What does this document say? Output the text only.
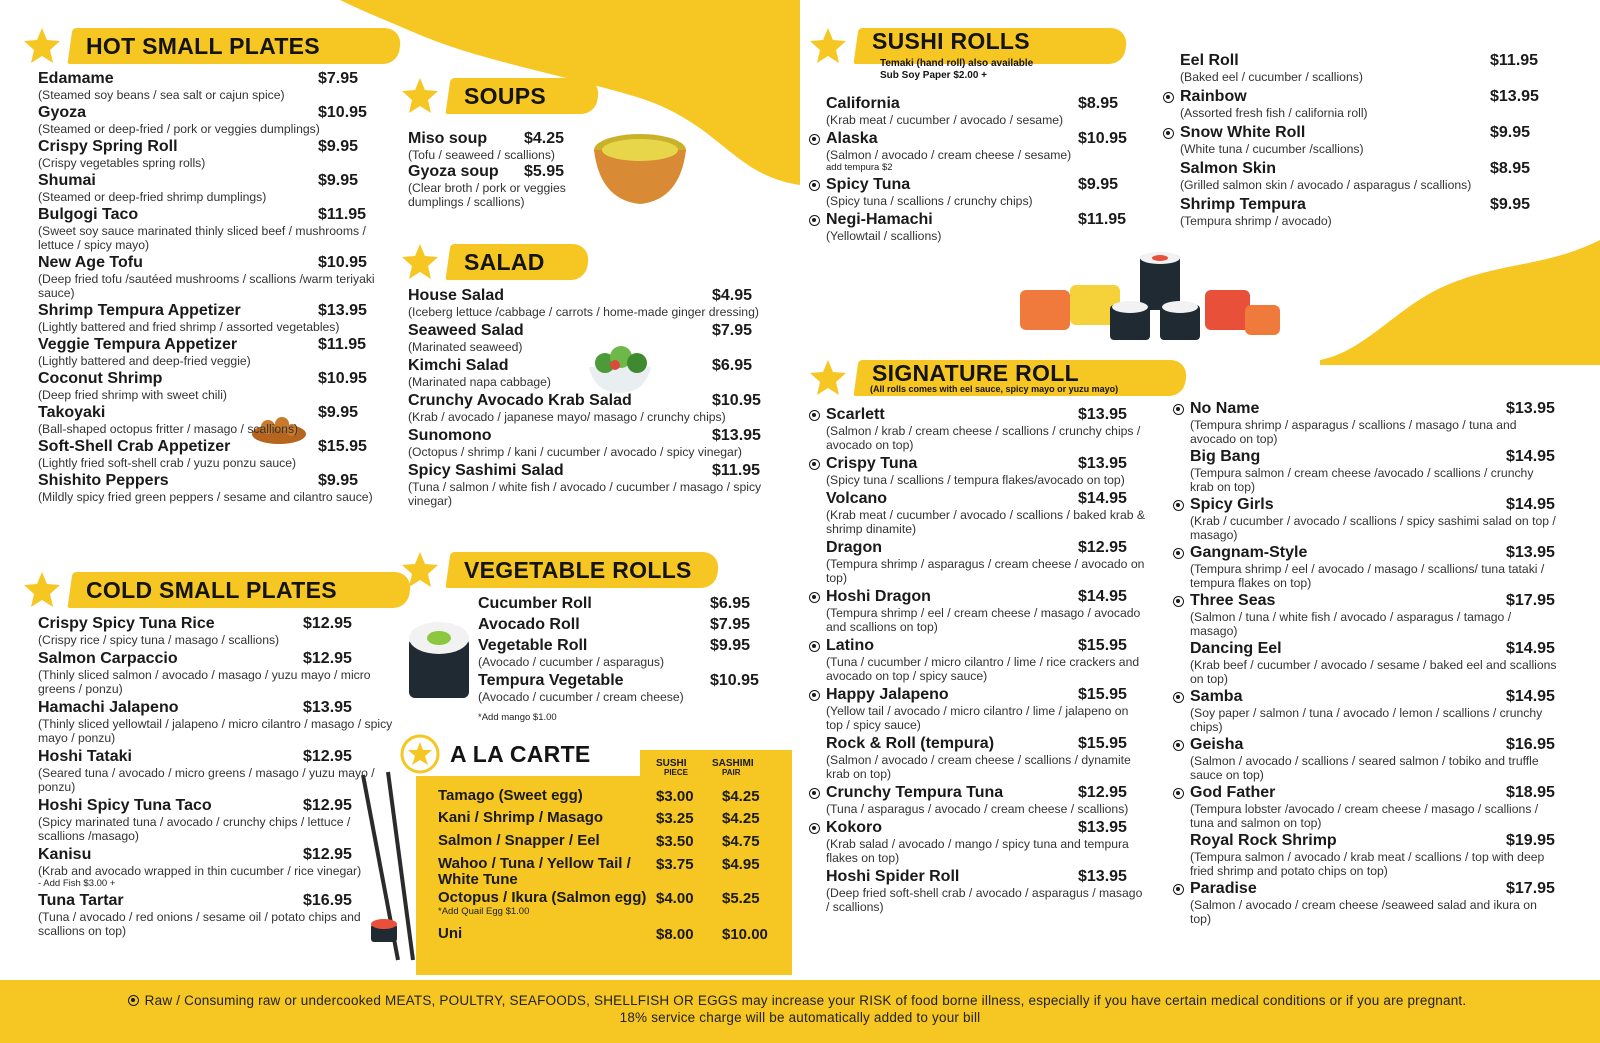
HOT SMALL PLATES
Edamame	$7.95
(Steamed soy beans / sea salt or cajun spice)
Gyoza	$10.95
(Steamed or deep-fried / pork or veggies dumplings)
Crispy Spring Roll	$9.95
(Crispy vegetables spring rolls)
Shumai	$9.95
(Steamed or deep-fried shrimp dumplings)
Bulgogi Taco	$11.95
(Sweet soy sauce marinated thinly sliced beef / mushrooms / lettuce / spicy mayo)
New Age Tofu	$10.95
(Deep fried tofu /sautéed mushrooms / scallions /warm teriyaki sauce)
Shrimp Tempura Appetizer	$13.95
(Lightly battered and fried shrimp / assorted vegetables)
Veggie Tempura Appetizer	$11.95
(Lightly battered and deep-fried veggie)
Coconut Shrimp	$10.95
(Deep fried shrimp with sweet chili)
Takoyaki	$9.95
(Ball-shaped octopus fritter / masago / scallions)
Soft-Shell Crab Appetizer	$15.95
(Lightly fried soft-shell crab / yuzu ponzu sauce)
Shishito Peppers	$9.95
(Mildly spicy fried green peppers / sesame and cilantro sauce)
COLD SMALL PLATES
Crispy Spicy Tuna Rice	$12.95
(Crispy rice / spicy tuna / masago / scallions)
Salmon Carpaccio	$12.95
(Thinly sliced salmon / avocado / masago / yuzu mayo / micro greens / ponzu)
Hamachi Jalapeno	$13.95
(Thinly sliced yellowtail / jalapeno / micro cilantro / masago / spicy mayo / ponzu)
Hoshi Tataki	$12.95
(Seared tuna / avocado / micro greens / masago / yuzu mayo / ponzu)
Hoshi Spicy Tuna Taco	$12.95
(Spicy marinated tuna / avocado / crunchy chips / lettuce / scallions /masago)
Kanisu	$12.95
(Krab and avocado wrapped in thin cucumber / rice vinegar)
- Add Fish $3.00 +
Tuna Tartar	$16.95
(Tuna / avocado / red onions / sesame oil / potato chips and scallions on top)
SOUPS
Miso soup $4.25
(Tofu / seaweed / scallions)
Gyoza soup $5.95
(Clear broth / pork or veggies dumplings / scallions)
SALAD
House Salad	$4.95
(Iceberg lettuce /cabbage / carrots / home-made ginger dressing)
Seaweed Salad	$7.95
(Marinated seaweed)
Kimchi Salad	$6.95
(Marinated napa cabbage)
Crunchy Avocado Krab Salad	$10.95
(Krab / avocado / japanese mayo/ masago / crunchy chips)
Sunomono	$13.95
(Octopus / shrimp / kani / cucumber / avocado / spicy vinegar)
Spicy Sashimi Salad	$11.95
(Tuna / salmon / white fish / avocado / cucumber / masago / spicy vinegar)
VEGETABLE ROLLS
Cucumber Roll	$6.95
Avocado Roll	$7.95
Vegetable Roll	$9.95
(Avocado / cucumber / asparagus)
Tempura Vegetable	$10.95
(Avocado / cucumber / cream cheese)
*Add mango $1.00
A LA CARTE	SUSHI
PIECE
SASHIMI
PAIR
Tamago (Sweet egg)	$3.00 $4.25
Kani / Shrimp / Masago	$3.25 $4.25
Salmon / Snapper / Eel	$3.50 $4.75
Wahoo / Tuna / Yellow Tail / White Tune
$3.75 $4.95
Octopus / Ikura (Salmon egg) $4.00 $5.25
*Add Quail Egg $1.00
Uni	$8.00 $10.00
SUSHI ROLLS
Temaki (hand roll) also available
Sub Soy Paper $2.00 +
California	$8.95
(Krab meat / cucumber / avocado / sesame)
Alaska	$10.95
(Salmon / avocado / cream cheese / sesame)
add tempura $2
Spicy Tuna	$9.95
(Spicy tuna / scallions / crunchy chips)
Negi-Hamachi	$11.95
(Yellowtail / scallions)
Eel Roll	$11.95
(Baked eel / cucumber / scallions)
Rainbow	$13.95
(Assorted fresh fish / california roll)
Snow White Roll	$9.95
(White tuna / cucumber /scallions)
Salmon Skin	$8.95
(Grilled salmon skin / avocado / asparagus / scallions)
Shrimp Tempura	$9.95
(Tempura shrimp / avocado)
SIGNATURE ROLL
(All rolls comes with eel sauce, spicy mayo or yuzu mayo)
Scarlett	$13.95
(Salmon / krab / cream cheese / scallions / crunchy chips / avocado on top)
Crispy Tuna	$13.95
(Spicy tuna / scallions / tempura flakes/avocado on top)
Volcano	$14.95
(Krab meat / cucumber / avocado / scallions / baked krab & shrimp dinamite)
Dragon	$12.95
(Tempura shrimp / asparagus / cream cheese / avocado on top)
Hoshi Dragon	$14.95
(Tempura shrimp / eel / cream cheese / masago / avocado and scallions on top)
Latino	$15.95
(Tuna / cucumber / micro cilantro / lime / rice crackers and avocado on top / spicy sauce)
Happy Jalapeno	$15.95
(Yellow tail / avocado / micro cilantro / lime / jalapeno on top / spicy sauce)
Rock & Roll (tempura)	$15.95
(Salmon / avocado / cream cheese / scallions / dynamite krab on top)
Crunchy Tempura Tuna	$12.95
(Tuna / asparagus / avocado / cream cheese / scallions)
Kokoro	$13.95
(Krab salad / avocado / mango / spicy tuna and tempura flakes on top)
Hoshi Spider Roll	$13.95
(Deep fried soft-shell crab / avocado / asparagus / masago / scallions)
No Name	$13.95
(Tempura shrimp / asparagus / scallions / masago / tuna and avocado on top)
Big Bang	$14.95
(Tempura salmon / cream cheese /avocado / scallions / crunchy krab on top)
Spicy Girls	$14.95
(Krab / cucumber / avocado / scallions / spicy sashimi salad on top / masago)
Gangnam-Style	$13.95
(Tempura shrimp / eel / avocado / masago / scallions/ tuna tataki / tempura flakes on top)
Three Seas	$17.95
(Salmon / tuna / white fish / avocado / asparagus / tamago / masago)
Dancing Eel	$14.95
(Krab beef / cucumber / avocado / sesame / baked eel and scallions on top)
Samba	$14.95
(Soy paper / salmon / tuna / avocado / lemon / scallions / crunchy chips)
Geisha	$16.95
(Salmon / avocado / scallions / seared salmon / tobiko and truffle sauce on top)
God Father	$18.95
(Tempura lobster /avocado / cream cheese / masago / scallions / tuna and salmon on top)
Royal Rock Shrimp	$19.95
(Tempura salmon / avocado / krab meat / scallions / top with deep fried shrimp and potato chips on top)
Paradise	$17.95
(Salmon / avocado / cream cheese /seaweed salad and ikura on top)
Raw / Consuming raw or undercooked MEATS, POULTRY, SEAFOODS, SHELLFISH OR EGGS may increase your RISK of food borne illness, especially if you have certain medical conditions or if you are pregnant.
18% service charge will be automatically added to your bill
